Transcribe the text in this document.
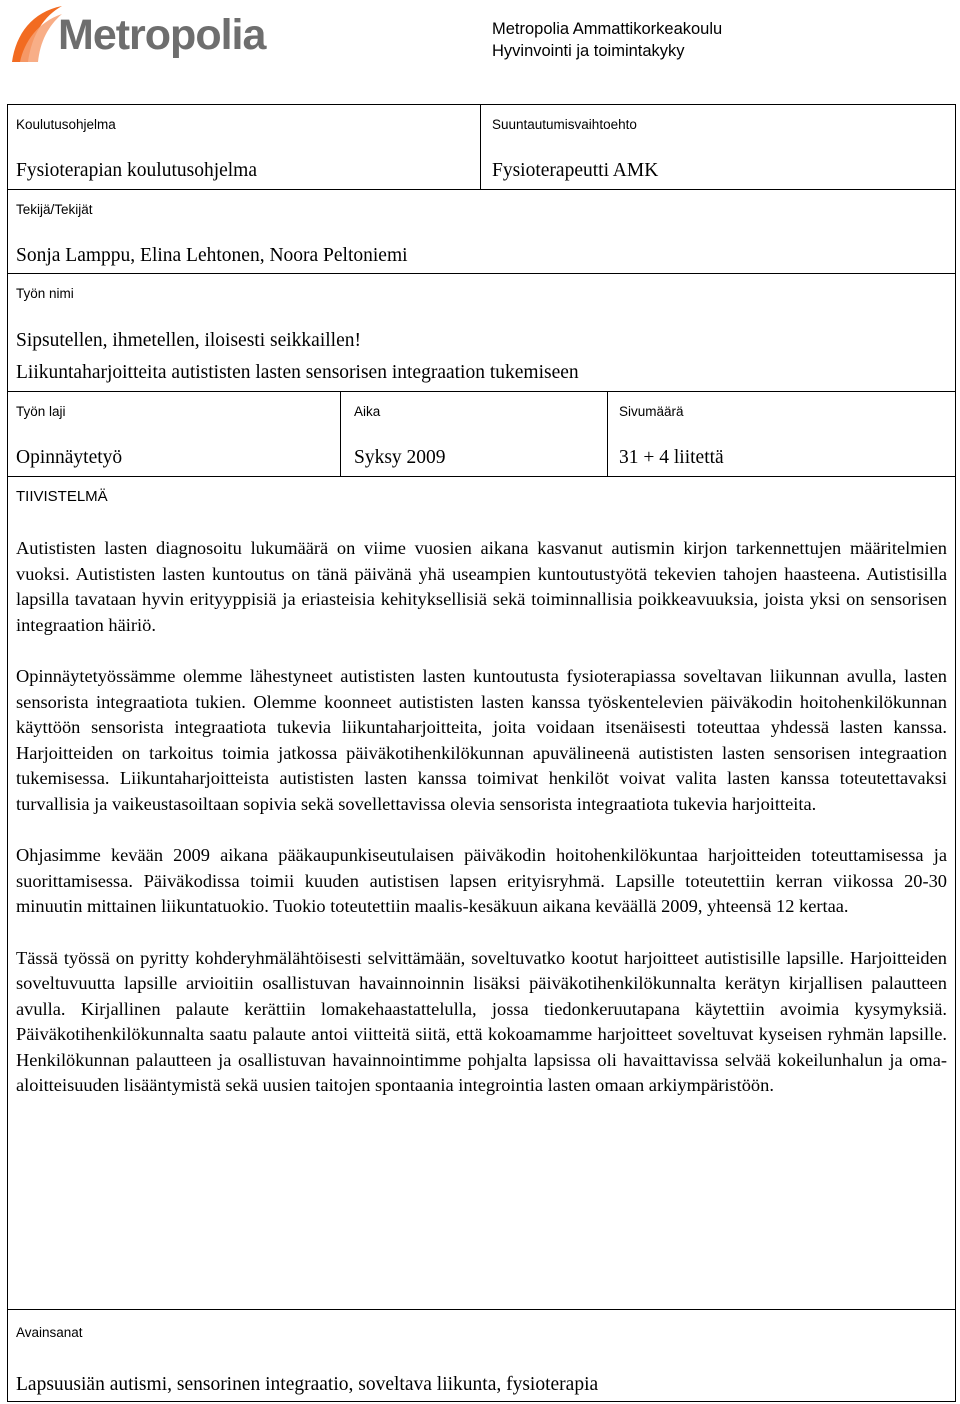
Metropolia	Metropolia Ammattikorkeakoulu
Hyvinvointi ja toimintakyky
Koulutusohjelma
Fysioterapian koulutusohjelma
Suuntautumisvaihtoehto
Fysioterapeutti AMK
Tekijä/Tekijät
Sonja Lamppu, Elina Lehtonen, Noora Peltoniemi
Työn nimi
Sipsutellen, ihmetellen, iloisesti seikkaillen!
Liikuntaharjoitteita autististen lasten sensorisen integraation tukemiseen
Työn laji
Opinnäytetyö
Aika
Syksy 2009
Sivumäärä
31 + 4 liitettä
TIIVISTELMÄ

Autististen lasten diagnosoitu lukumäärä on viime vuosien aikana kasvanut autismin kirjon tarkennettujen määritelmien vuoksi. Autististen lasten kuntoutus on tänä päivänä yhä useampien kuntoutustyötä tekevien tahojen haasteena. Autistisilla lapsilla tavataan hyvin erityyppisiä ja eriasteisia kehityksellisiä sekä toiminnallisia poikkeavuuksia, joista yksi on sensorisen integraation häiriö.

Opinnäytetyössämme olemme lähestyneet autististen lasten kuntoutusta fysioterapiassa soveltavan liikunnan avulla, lasten sensorista integraatiota tukien. Olemme koonneet autististen lasten kanssa työskentelevien päiväkodin hoitohenkilökunnan käyttöön sensorista integraatiota tukevia liikuntaharjoitteita, joita voidaan itsenäisesti toteuttaa yhdessä lasten kanssa. Harjoitteiden on tarkoitus toimia jatkossa päiväkotihenkilökunnan apuvälineenä autististen lasten sensorisen integraation tukemisessa. Liikuntaharjoitteista autististen lasten kanssa toimivat henkilöt voivat valita lasten kanssa toteutettavaksi turvallisia ja vaikeustasoiltaan sopivia sekä sovellettavissa olevia sensorista integraatiota tukevia harjoitteita.

Ohjasimme kevään 2009 aikana pääkaupunkiseutulaisen päiväkodin hoitohenkilökuntaa harjoitteiden toteuttamisessa ja suorittamisessa. Päiväkodissa toimii kuuden autistisen lapsen erityisryhmä. Lapsille toteutettiin kerran viikossa 20-30 minuutin mittainen liikuntatuokio. Tuokio toteutettiin maalis-kesäkuun aikana keväällä 2009, yhteensä 12 kertaa.

Tässä työssä on pyritty kohderyhmälähtöisesti selvittämään, soveltuvatko kootut harjoitteet autistisille lapsille. Harjoitteiden soveltuvuutta lapsille arvioitiin osallistuvan havainnoinnin lisäksi päiväkotihenkilökunnalta kerätyn kirjallisen palautteen avulla. Kirjallinen palaute kerättiin lomakehaastattelulla, jossa tiedonkeruutapana käytettiin avoimia kysymyksiä. Päiväkotihenkilökunnalta saatu palaute antoi viitteitä siitä, että kokoamamme harjoitteet soveltuvat kyseisen ryhmän lapsille. Henkilökunnan palautteen ja osallistuvan havainnointimme pohjalta lapsissa oli havaittavissa selvää kokeilunhalun ja oma-aloitteisuuden lisääntymistä sekä uusien taitojen spontaania integrointia lasten omaan arkiympäristöön.

Avainsanat
Lapsuusiän autismi, sensorinen integraatio, soveltava liikunta, fysioterapia
